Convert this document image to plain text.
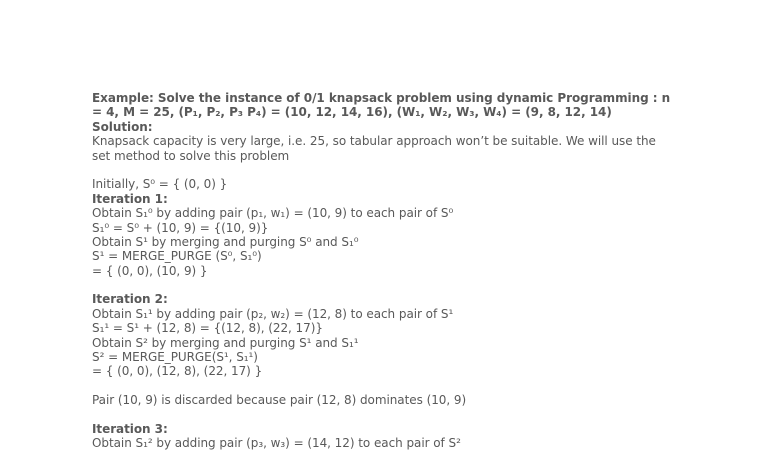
Example: Solve the instance of 0/1 knapsack problem using dynamic Programming : n
= 4, M = 25, (P₁, P₂, P₃ P₄) = (10, 12, 14, 16), (W₁, W₂, W₃, W₄) = (9, 8, 12, 14)
Solution:
Knapsack capacity is very large, i.e. 25, so tabular approach won’t be suitable. We will use the
set method to solve this problem
Initially, S⁰ = { (0, 0) }
Iteration 1:
Obtain S₁⁰ by adding pair (p₁, w₁) = (10, 9) to each pair of S⁰
S₁⁰ = S⁰ + (10, 9) = {(10, 9)}
Obtain S¹ by merging and purging S⁰ and S₁⁰
S¹ = MERGE_PURGE (S⁰, S₁⁰)
= { (0, 0), (10, 9) }
Iteration 2:
Obtain S₁¹ by adding pair (p₂, w₂) = (12, 8) to each pair of S¹
S₁¹ = S¹ + (12, 8) = {(12, 8), (22, 17)}
Obtain S² by merging and purging S¹ and S₁¹
S² = MERGE_PURGE(S¹, S₁¹)
= { (0, 0), (12, 8), (22, 17) }
Pair (10, 9) is discarded because pair (12, 8) dominates (10, 9)
Iteration 3:
Obtain S₁² by adding pair (p₃, w₃) = (14, 12) to each pair of S²
